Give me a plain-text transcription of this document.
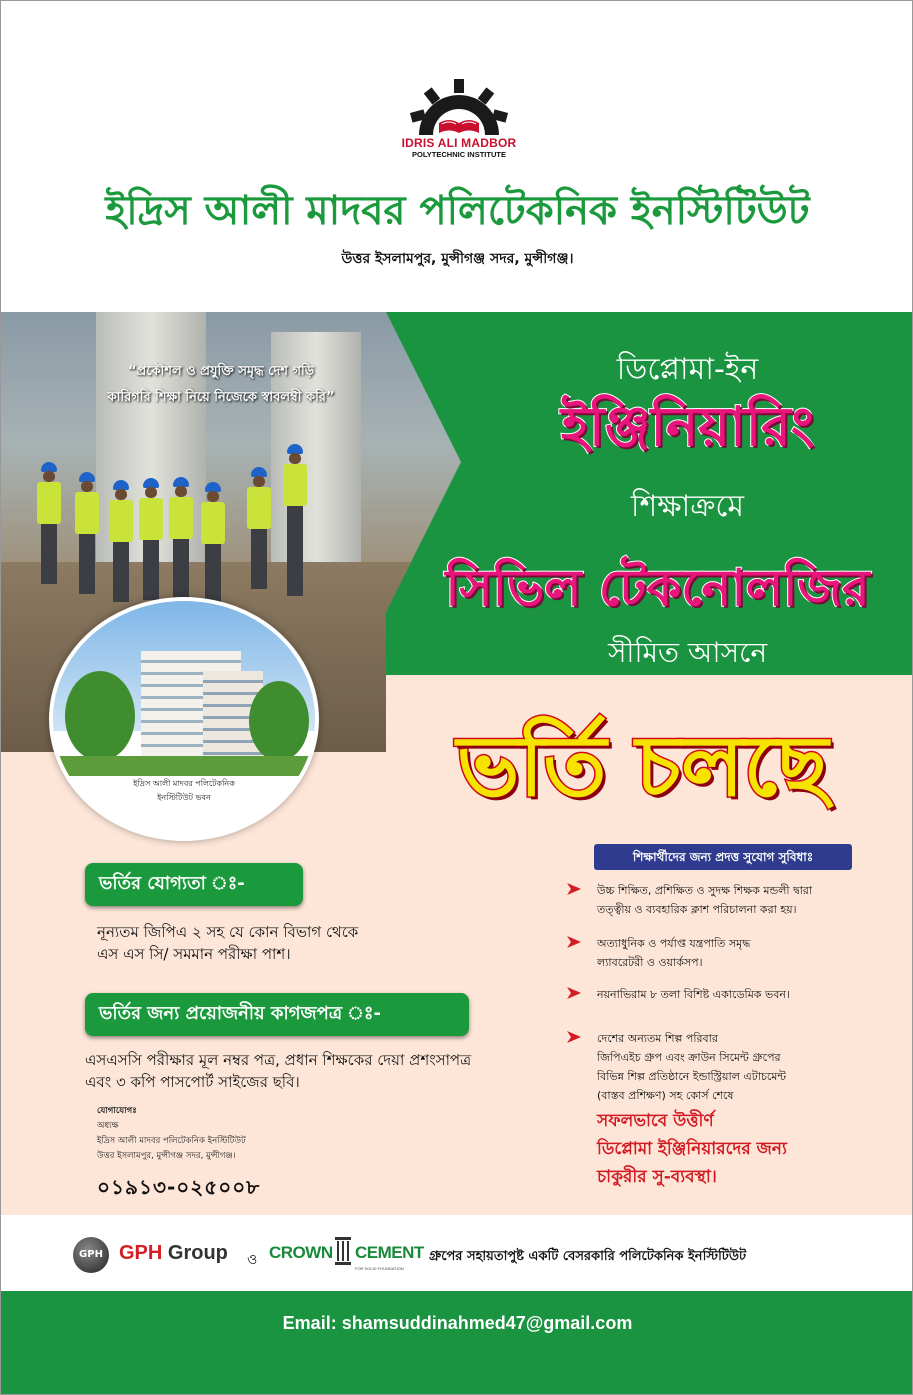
IDRIS ALI MADBOR
POLYTECHNIC INSTITUTE
ইদ্রিস আলী মাদবর পলিটেকনিক ইনস্টিটিউট
উত্তর ইসলামপুর, মুন্সীগঞ্জ সদর, মুন্সীগঞ্জ।
“প্রকৌশল ও প্রযুক্তি সমৃদ্ধ দেশ গড়ি
কারিগরি শিক্ষা নিয়ে নিজেকে স্বাবলম্বী করি”
ইদ্রিস আলী মাদবর পলিটেকনিক
ইনস্টিটিউট ভবন
ডিপ্লোমা-ইন
ইঞ্জিনিয়ারিং
শিক্ষাক্রমে
সিভিল টেকনোলজির
সীমিত আসনে
ভর্তি চলছে
ভর্তির যোগ্যতা ঃ-
নূন্যতম জিপিএ ২ সহ যে কোন বিভাগ থেকে
এস এস সি/ সমমান পরীক্ষা পাশ।
ভর্তির জন্য প্রয়োজনীয় কাগজপত্র ঃ-
এসএসসি পরীক্ষার মূল নম্বর পত্র, প্রধান শিক্ষকের দেয়া প্রশংসাপত্র
এবং ৩ কপি পাসপোর্ট সাইজের ছবি।
যোগাযোগঃ
অধ্যক্ষ
ইদ্রিস আলী মাদবর পলিটেকনিক ইনস্টিটিউট
উত্তর ইসলামপুর, মুন্সীগঞ্জ সদর, মুন্সীগঞ্জ।
০১৯১৩-০২৫০০৮
শিক্ষার্থীদের জন্য প্রদত্ত সুযোগ সুবিধাঃ
উচ্চ শিক্ষিত, প্রশিক্ষিত ও সুদক্ষ শিক্ষক মন্ডলী দ্বারা
তত্ত্বীয় ও ব্যবহারিক ক্লাশ পরিচালনা করা হয়।
অত্যাধুনিক ও পর্যাপ্ত যন্ত্রপাতি সমৃদ্ধ
ল্যাবরেটরী ও ওয়ার্কসপ।
নয়নাভিরাম ৮ তলা বিশিষ্ট একাডেমিক ভবন।
দেশের অন্যতম শিল্প পরিবার
জিপিএইচ গ্রুপ এবং ক্রাউন সিমেন্ট গ্রুপের
বিভিন্ন শিল্প প্রতিষ্ঠানে ইন্ডাস্ট্রিয়াল এটাচমেন্ট
(বাস্তব প্রশিক্ষণ) সহ কোর্স শেষে
সফলভাবে উত্তীর্ণ
ডিপ্লোমা ইঞ্জিনিয়ারদের জন্য
চাকুরীর সু-ব্যবস্থা।
GPH GPH Group ও CROWN CEMENT
FOR SOLID FOUNDATION
গ্রুপের সহায়তাপুষ্ট একটি বেসরকারি পলিটেকনিক ইনস্টিটিউট
Email: shamsuddinahmed47@gmail.com
